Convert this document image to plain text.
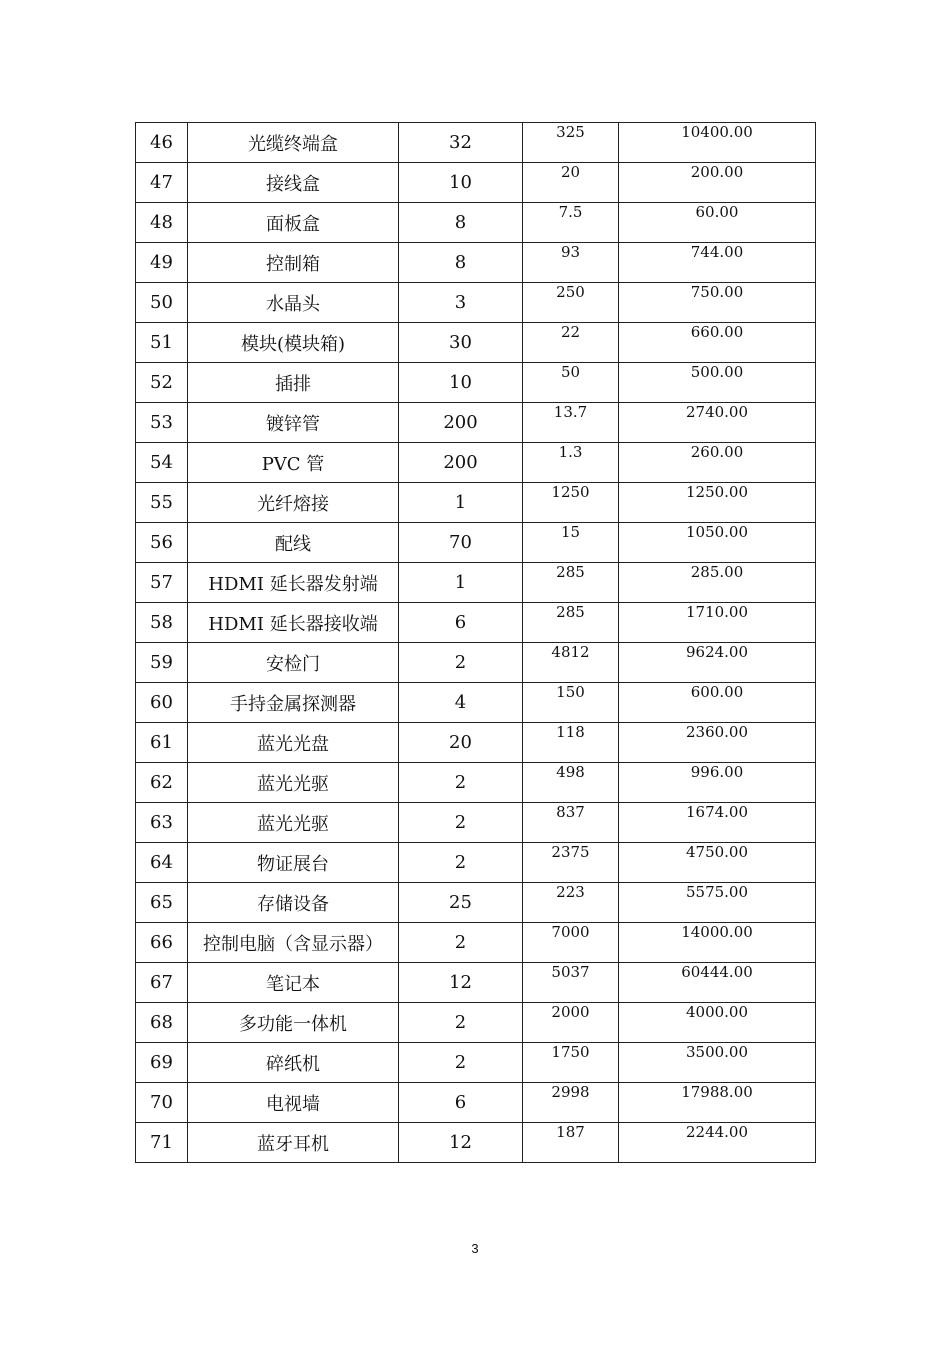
46	光缆终端盒	32	325	10400.00
47	接线盒	10	20	200.00
48	面板盒	8	7.5	60.00
49	控制箱	8	93	744.00
50	水晶头	3	250	750.00
51	模块(模块箱)	30	22	660.00
52	插排	10	50	500.00
53	镀锌管	200	13.7	2740.00
54	PVC 管	200	1.3	260.00
55	光纤熔接	1	1250	1250.00
56	配线	70	15	1050.00
57	HDMI 延长器发射端	1	285	285.00
58	HDMI 延长器接收端	6	285	1710.00
59	安检门	2	4812	9624.00
60	手持金属探测器	4	150	600.00
61	蓝光光盘	20	118	2360.00
62	蓝光光驱	2	498	996.00
63	蓝光光驱	2	837	1674.00
64	物证展台	2	2375	4750.00
65	存储设备	25	223	5575.00
66	控制电脑（含显示器）	2	7000	14000.00
67	笔记本	12	5037	60444.00
68	多功能一体机	2	2000	4000.00
69	碎纸机	2	1750	3500.00
70	电视墙	6	2998	17988.00
71	蓝牙耳机	12	187	2244.00
3
